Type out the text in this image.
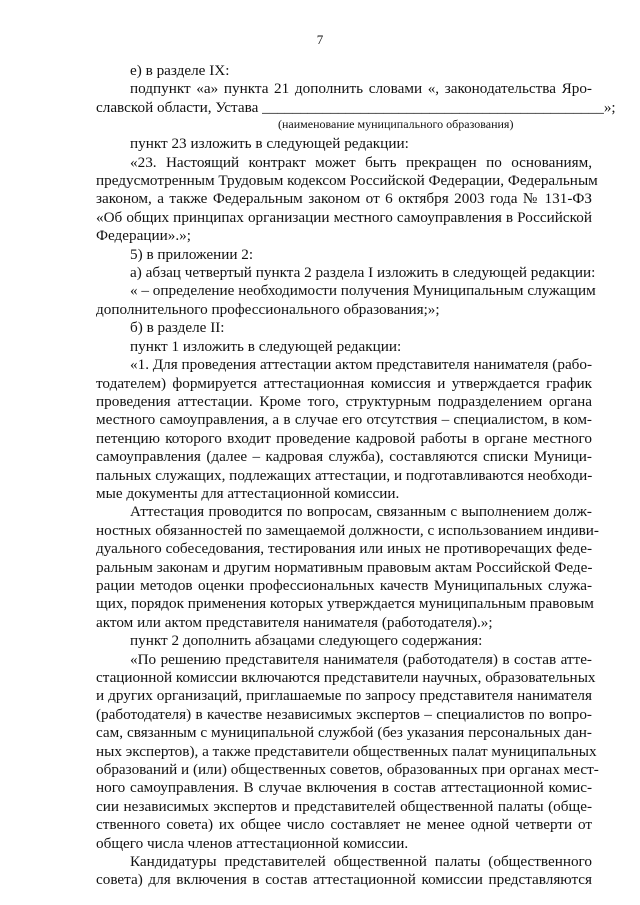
7

е) в разделе IX:

подпункт «а» пункта 21 дополнить словами «, законодательства Яро-
славской области, Устава _____________________________________________»;

(наименование муниципального образования)

пункт 23 изложить в следующей редакции:

«23. Настоящий контракт может быть прекращен по основаниям,
предусмотренным Трудовым кодексом Российской Федерации, Федеральным
законом, а также Федеральным законом от 6 октября 2003 года № 131-ФЗ
«Об общих принципах организации местного самоуправления в Российской
Федерации».»;

5) в приложении 2:

а) абзац четвертый пункта 2 раздела I изложить в следующей редакции:

« – определение необходимости получения Муниципальным служащим
дополнительного профессионального образования;»;

б) в разделе II:

пункт 1 изложить в следующей редакции:

«1. Для проведения аттестации актом представителя нанимателя (рабо-
тодателем) формируется аттестационная комиссия и утверждается график
проведения аттестации. Кроме того, структурным подразделением органа
местного самоуправления, а в случае его отсутствия – специалистом, в ком-
петенцию которого входит проведение кадровой работы в органе местного
самоуправления (далее – кадровая служба), составляются списки Муници-
пальных служащих, подлежащих аттестации, и подготавливаются необходи-
мые документы для аттестационной комиссии.

Аттестация проводится по вопросам, связанным с выполнением долж-
ностных обязанностей по замещаемой должности, с использованием индиви-
дуального собеседования, тестирования или иных не противоречащих феде-
ральным законам и другим нормативным правовым актам Российской Феде-
рации методов оценки профессиональных качеств Муниципальных служа-
щих, порядок применения которых утверждается муниципальным правовым
актом или актом представителя нанимателя (работодателя).»;

пункт 2 дополнить абзацами следующего содержания:

«По решению представителя нанимателя (работодателя) в состав атте-
стационной комиссии включаются представители научных, образовательных
и других организаций, приглашаемые по запросу представителя нанимателя
(работодателя) в качестве независимых экспертов – специалистов по вопро-
сам, связанным с муниципальной службой (без указания персональных дан-
ных экспертов), а также представители общественных палат муниципальных
образований и (или) общественных советов, образованных при органах мест-
ного самоуправления. В случае включения в состав аттестационной комис-
сии независимых экспертов и представителей общественной палаты (обще-
ственного совета) их общее число составляет не менее одной четверти от
общего числа членов аттестационной комиссии.

Кандидатуры представителей общественной палаты (общественного
совета) для включения в состав аттестационной комиссии представляются
